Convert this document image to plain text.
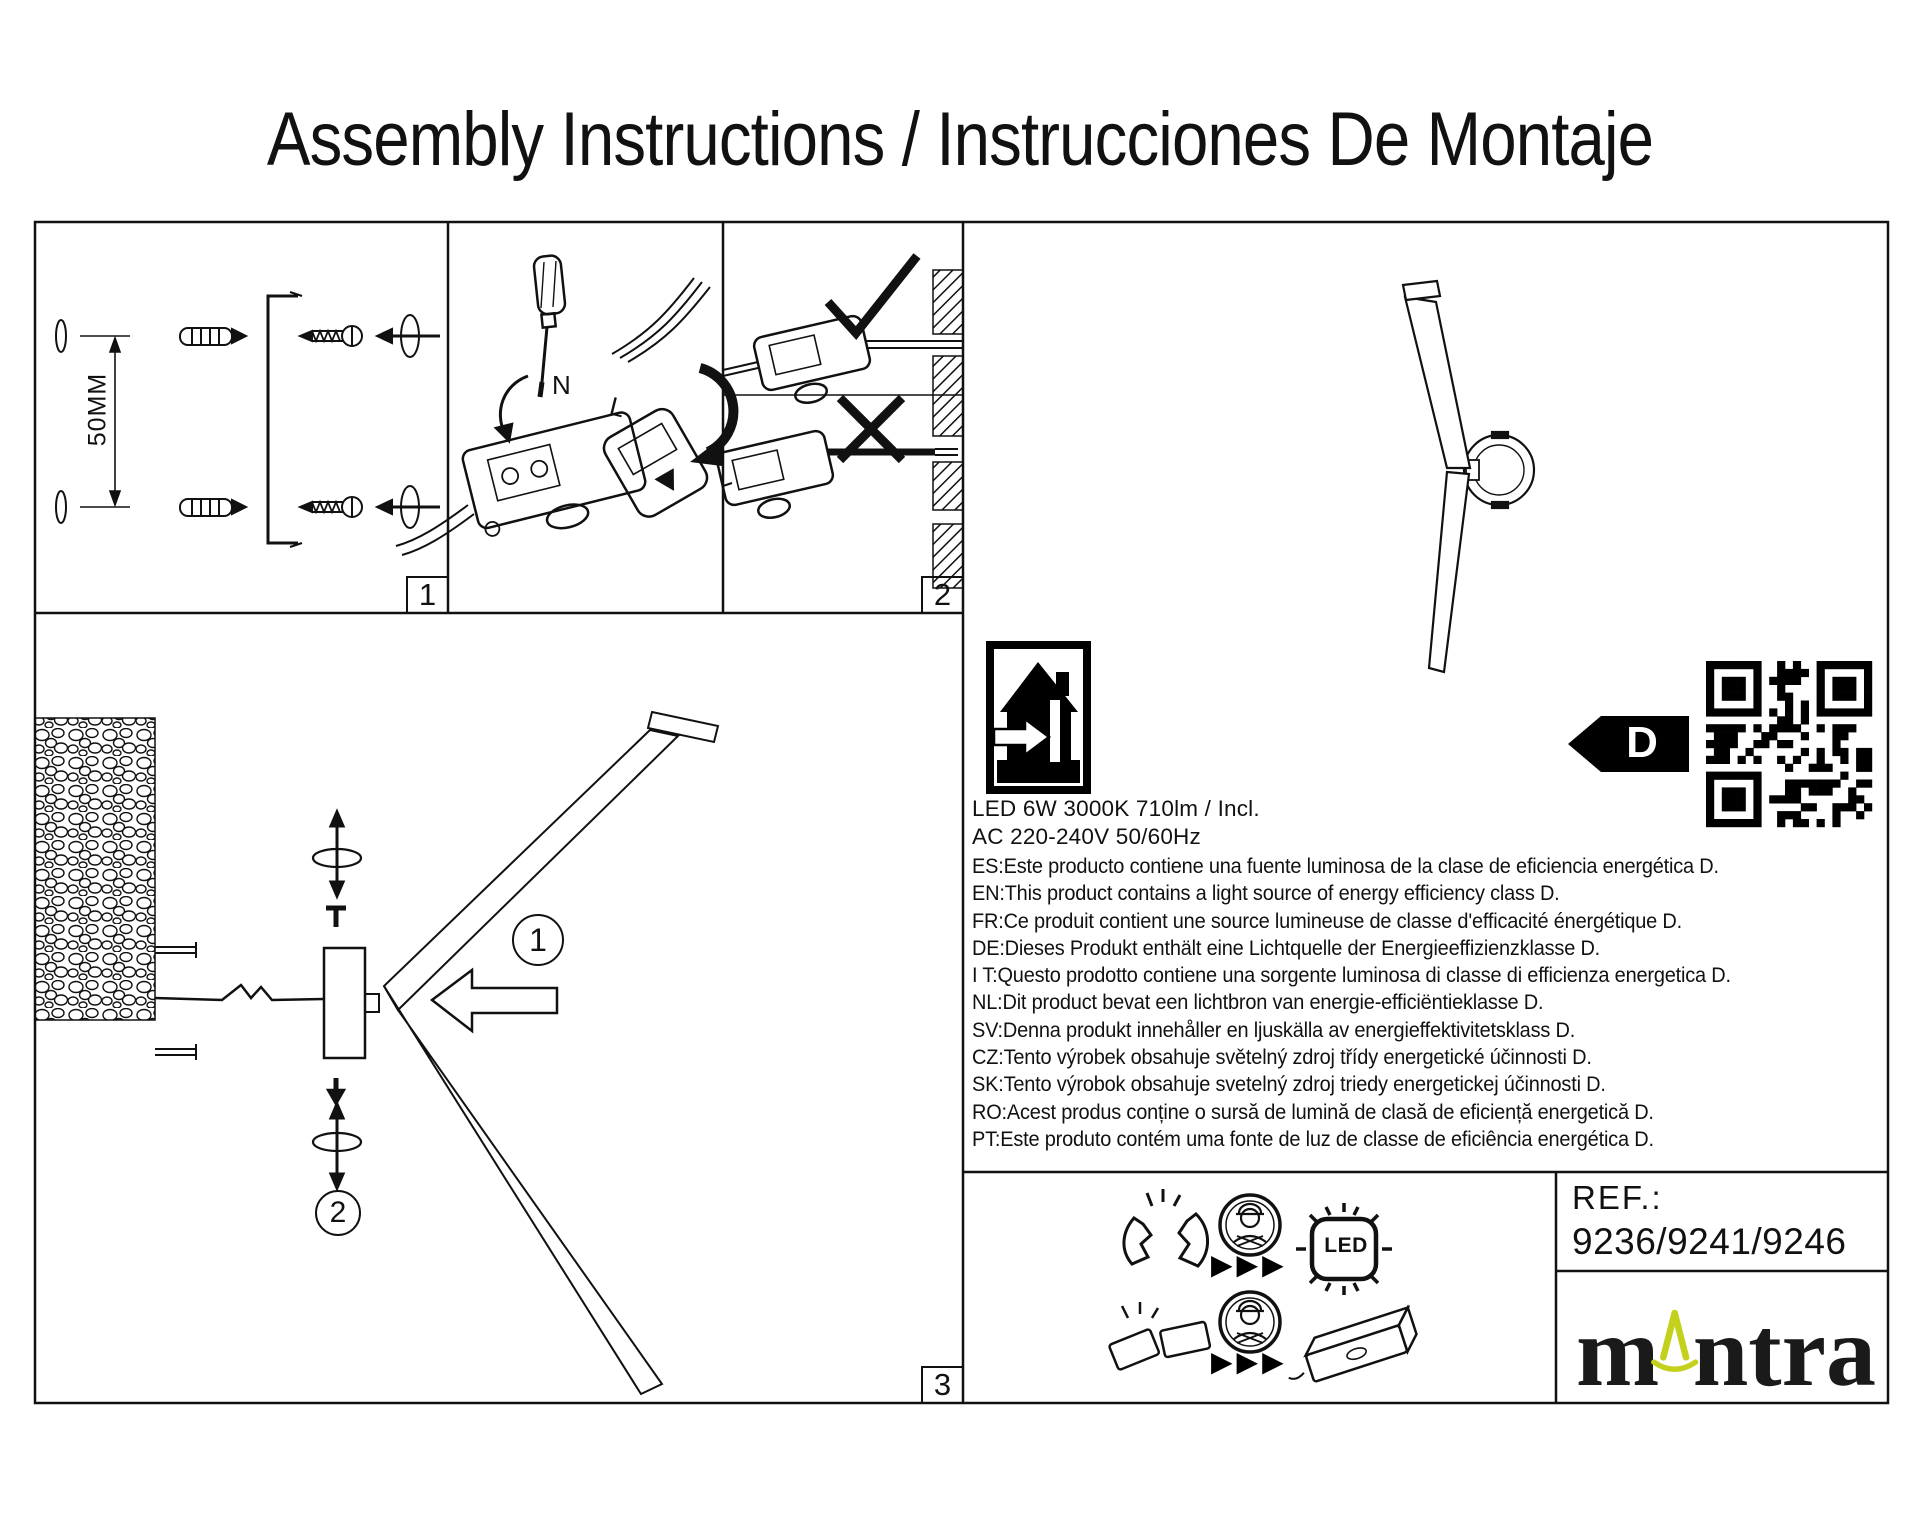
Assembly Instructions / Instrucciones De Montaje
1	2
3
50MM	N
L
1
2
LED 6W 3000K 710lm / Incl.
AC 220-240V 50/60Hz
ES:Este producto contiene una fuente luminosa de la clase de eficiencia energética D.
EN:This product contains a light source of energy efficiency class D.
FR:Ce produit contient une source lumineuse de classe d'efficacité énergétique D.
DE:Dieses Produkt enthält eine Lichtquelle der Energieeffizienzklasse D.
I T:Questo prodotto contiene una sorgente luminosa di classe di efficienza energetica D.
NL:Dit product bevat een lichtbron van energie-efficiëntieklasse D.
SV:Denna produkt innehåller en ljuskälla av energieffektivitetsklass D.
CZ:Tento výrobek obsahuje světelný zdroj třídy energetické účinnosti D.
SK:Tento výrobok obsahuje svetelný zdroj triedy energetickej účinnosti D.
RO:Acest produs conține o sursă de lumină de clasă de eficiență energetică D.
PT:Este produto contém uma fonte de luz de classe de eficiência energética D.
D
▶▶▶
▶▶▶
LED
REF.:
9236/9241/9246
m ntra
